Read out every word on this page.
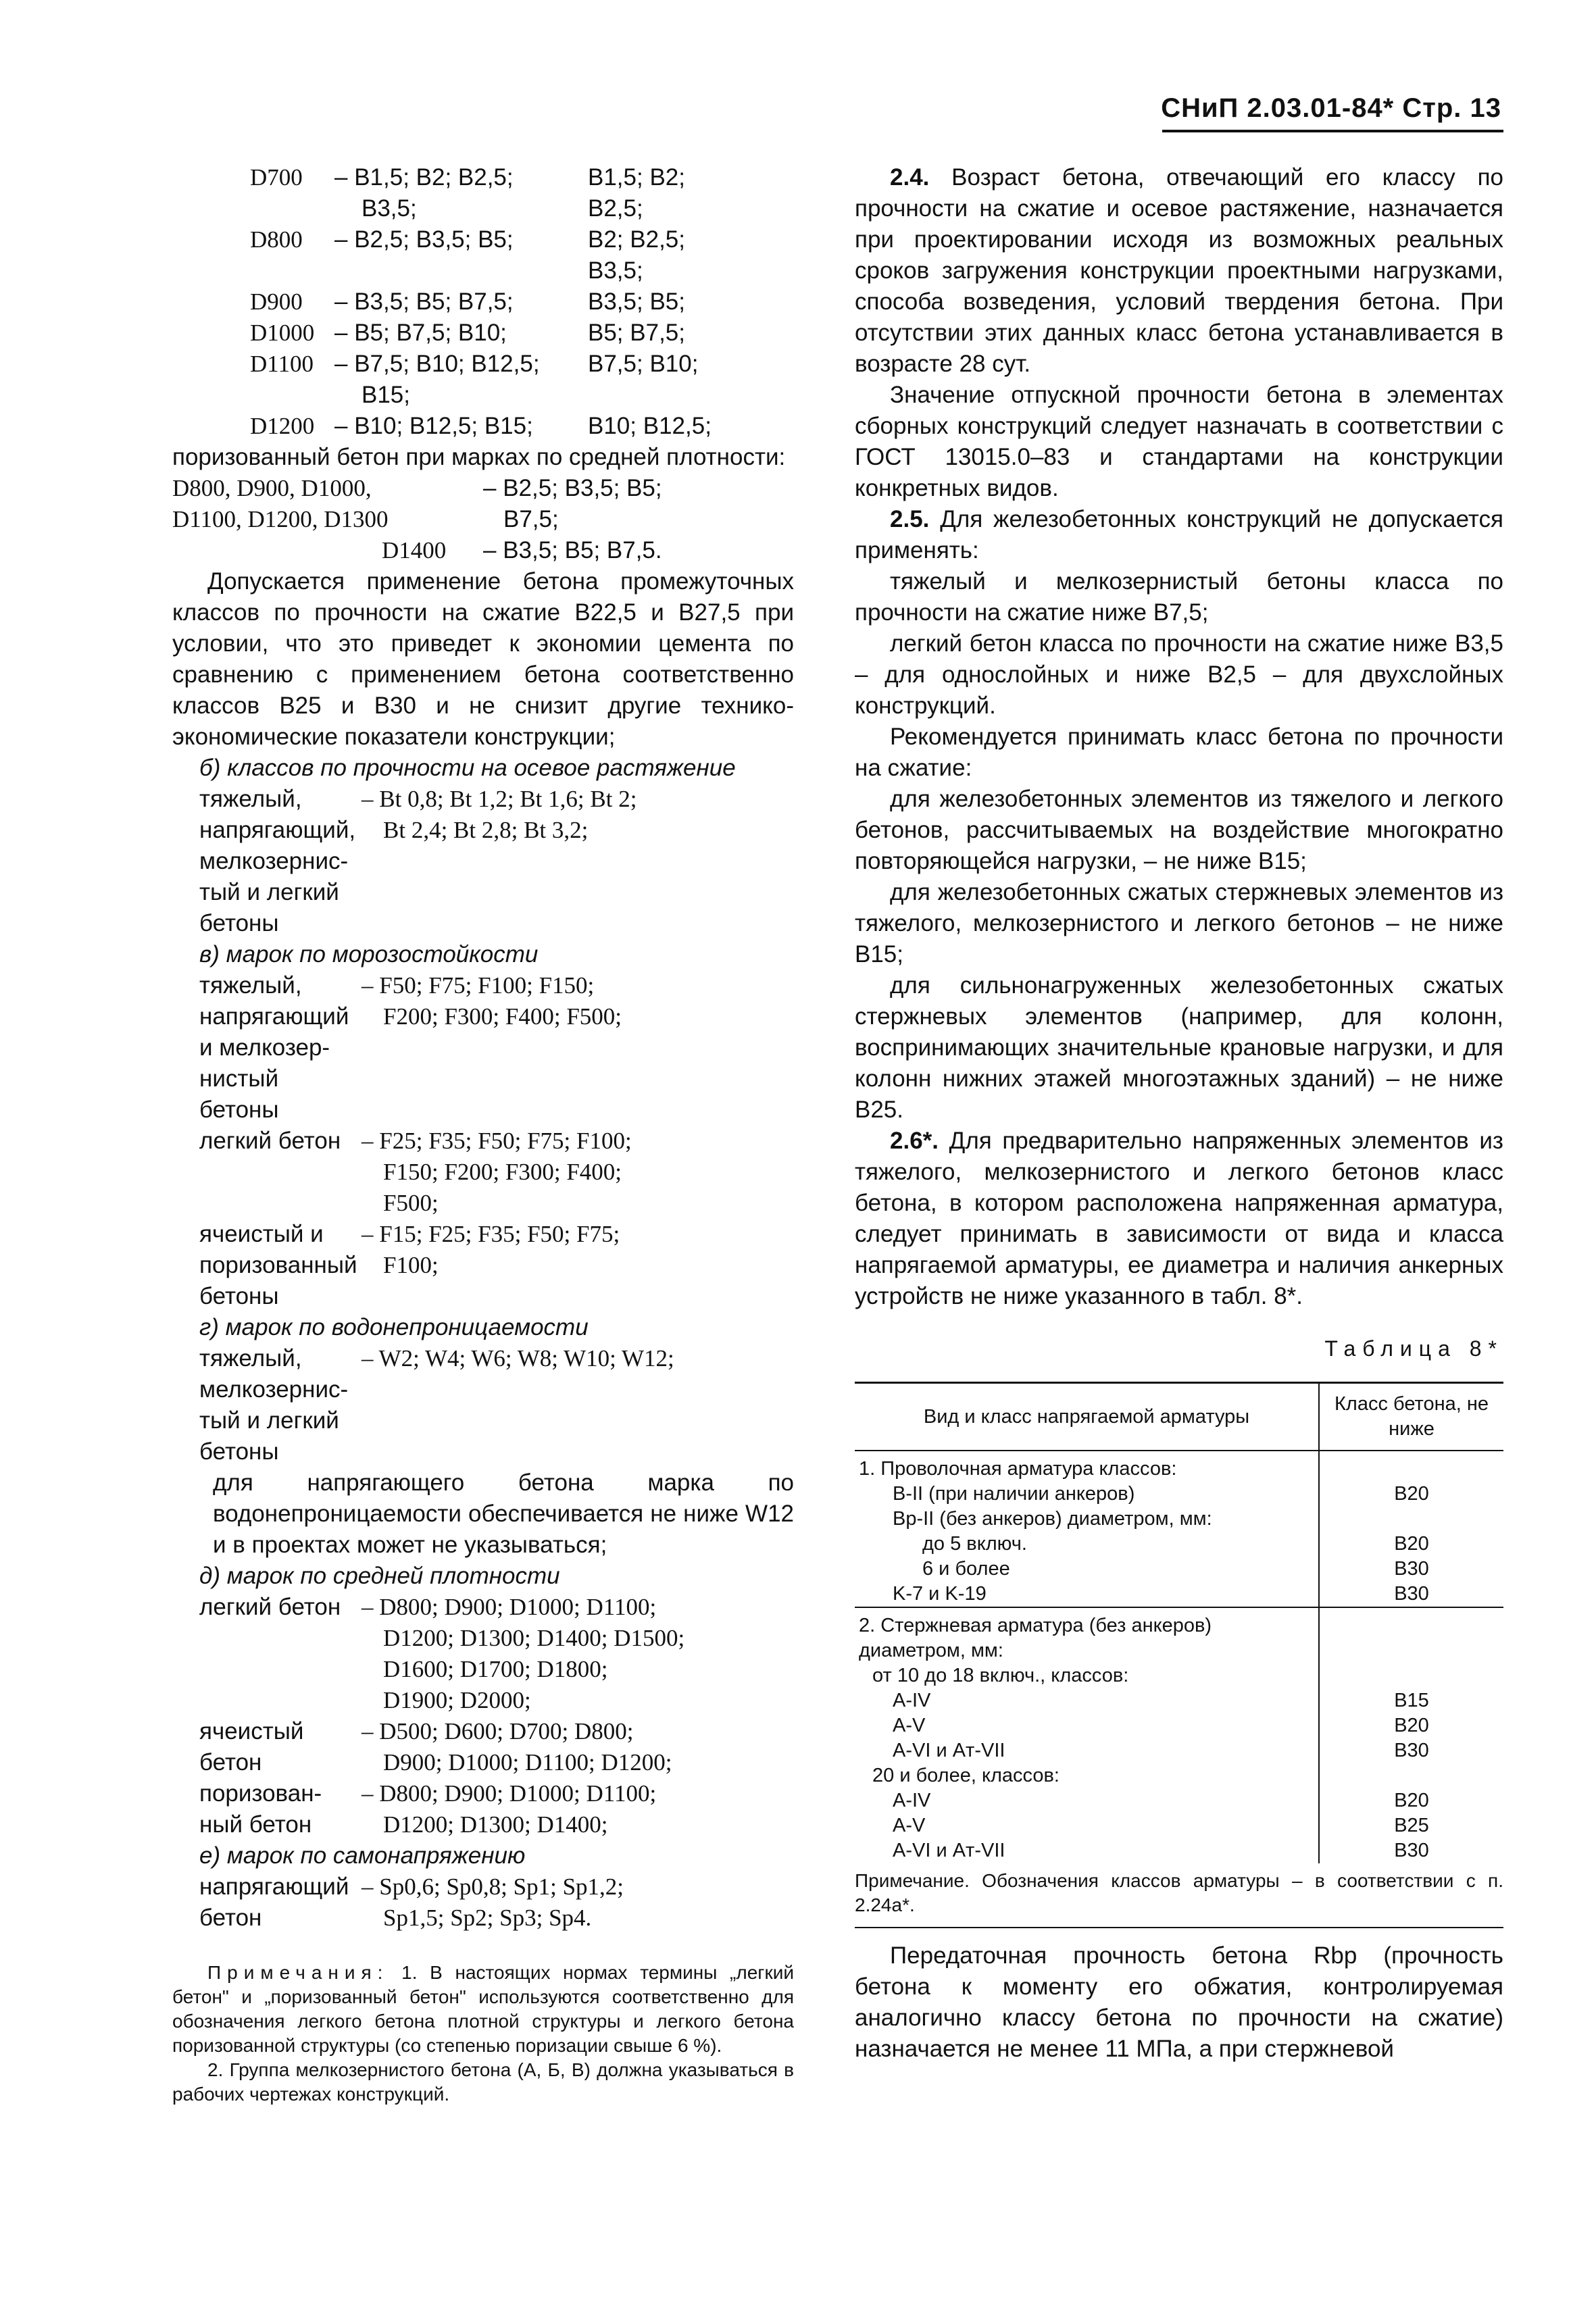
СНиП 2.03.01-84* Стр. 13
D700	– B1,5; B2; B2,5;	B1,5; B2;
B3,5;	B2,5;
D800	– B2,5; B3,5; B5;	B2; B2,5;
B3,5;
D900	– B3,5; B5; B7,5;	B3,5; B5;
D1000 – B5; B7,5; B10;	B5; B7,5;
D1100 – B7,5; B10; B12,5;	B7,5; B10;
B15;
D1200 – B10; B12,5; B15;	B10; B12,5;

поризованный бетон при марках по средней плотности:

D800, D900, D1000,	– B2,5; B3,5; B5;
D1100, D1200, D1300	B7,5;
D1400	– B3,5; B5; B7,5.

Допускается применение бетона промежуточных классов по прочности на сжатие B22,5 и B27,5 при условии, что это приведет к экономии цемента по сравнению с применением бетона соответственно классов B25 и B30 и не снизит другие технико-экономические показатели конструкции;

б) классов по прочности на осевое растяжение

тяжелый,	– Bt 0,8; Bt 1,2; Bt 1,6; Bt 2;
напрягающий,	Bt 2,4; Bt 2,8; Bt 3,2;
мелкозернис-
тый и легкий
бетоны

в) марок по морозостойкости

тяжелый,	– F50; F75; F100; F150;
напрягающий	F200; F300; F400; F500;
и мелкозер-
нистый бетоны
легкий бетон – F25; F35; F50; F75; F100;
F150; F200; F300; F400;
F500;
ячеистый и	– F15; F25; F35; F50; F75;
поризованный	F100;
бетоны

г) марок по водонепроницаемости

тяжелый,	– W2; W4; W6; W8; W10; W12;
мелкозернис-
тый и легкий
бетоны

для напрягающего бетона марка по водонепроницаемости обеспечивается не ниже W12 и в проектах может не указываться;

д) марок по средней плотности

легкий бетон – D800; D900; D1000; D1100;
D1200; D1300; D1400; D1500;
D1600; D1700; D1800;
D1900; D2000;
ячеистый	– D500; D600; D700; D800;
бетон	D900; D1000; D1100; D1200;
поризован-	– D800; D900; D1000; D1100;
ный бетон	D1200; D1300; D1400;

е) марок по самонапряжению

напрягающий – Sp0,6; Sp0,8; Sp1; Sp1,2;
бетон	Sp1,5; Sp2; Sp3; Sp4.

Примечания: 1. В настоящих нормах термины „легкий бетон" и „поризованный бетон" используются соответственно для обозначения легкого бетона плотной структуры и легкого бетона поризованной структуры (со степенью поризации свыше 6 %).

2. Группа мелкозернистого бетона (А, Б, В) должна указываться в рабочих чертежах конструкций.

2.4. Возраст бетона, отвечающий его классу по прочности на сжатие и осевое растяжение, назначается при проектировании исходя из возможных реальных сроков загружения конструкции проектными нагрузками, способа возведения, условий твердения бетона. При отсутствии этих данных класс бетона устанавливается в возрасте 28 сут.

Значение отпускной прочности бетона в элементах сборных конструкций следует назначать в соответствии с ГОСТ 13015.0–83 и стандартами на конструкции конкретных видов.

2.5. Для железобетонных конструкций не допускается применять:

тяжелый и мелкозернистый бетоны класса по прочности на сжатие ниже B7,5;

легкий бетон класса по прочности на сжатие ниже B3,5 – для однослойных и ниже B2,5 – для двухслойных конструкций.

Рекомендуется принимать класс бетона по прочности на сжатие:

для железобетонных элементов из тяжелого и легкого бетонов, рассчитываемых на воздействие многократно повторяющейся нагрузки, – не ниже B15;

для железобетонных сжатых стержневых элементов из тяжелого, мелкозернистого и легкого бетонов – не ниже B15;

для сильнонагруженных железобетонных сжатых стержневых элементов (например, для колонн, воспринимающих значительные крановые нагрузки, и для колонн нижних этажей многоэтажных зданий) – не ниже B25.

2.6*. Для предварительно напряженных элементов из тяжелого, мелкозернистого и легкого бетонов класс бетона, в котором расположена напряженная арматура, следует принимать в зависимости от вида и класса напрягаемой арматуры, ее диаметра и наличия анкерных устройств не ниже указанного в табл. 8*.

Таблица 8*
Вид и класс напрягаемой арматуры	Класс бетона, не ниже
1. Проволочная арматура классов:	
B-II (при наличии анкеров)	B20
Bp-II (без анкеров) диаметром, мм:	
до 5 включ.	B20
6 и более	B30
K-7 и K-19	B30
2. Стержневая арматура (без анкеров) диаметром, мм:	
от 10 до 18 включ., классов:	
A-IV	B15
A-V	B20
A-VI и Aт-VII	B30
20 и более, классов:	
A-IV	B20
A-V	B25
A-VI и Aт-VII	B30

Примечание. Обозначения классов арматуры – в соответствии с п. 2.24а*.

Передаточная прочность бетона Rbp (прочность бетона к моменту его обжатия, контролируемая аналогично классу бетона по прочности на сжатие) назначается не менее 11 МПа, а при стержневой
